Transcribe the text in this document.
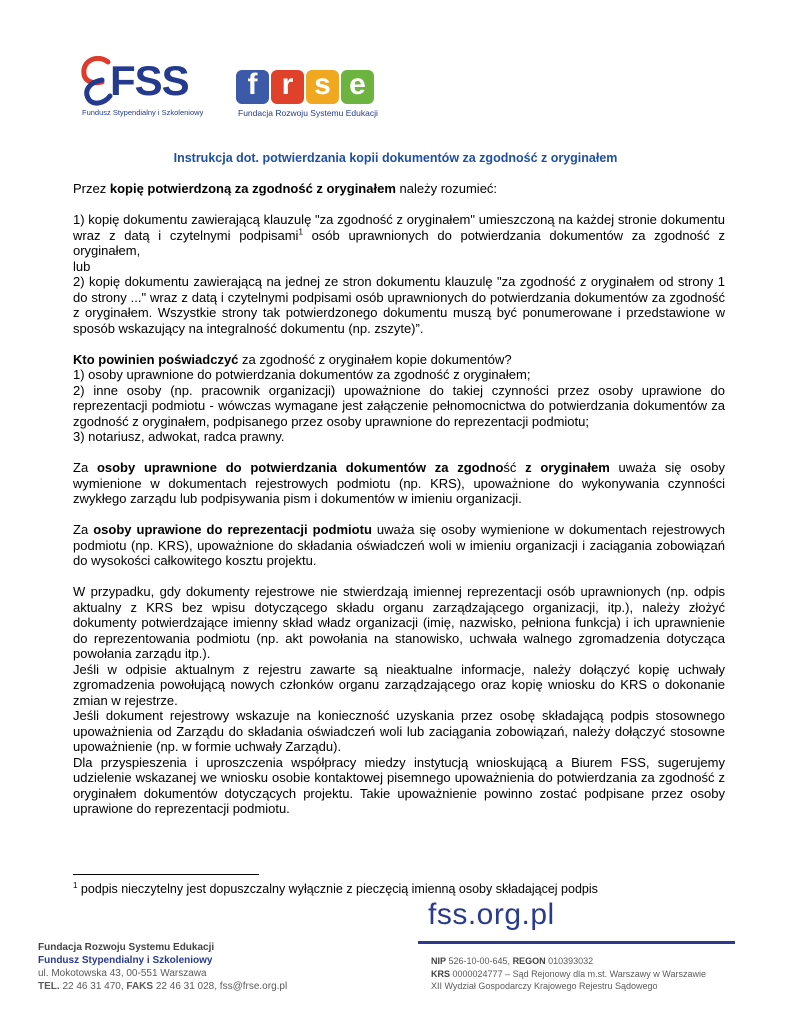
FSS
Fundusz Stypendialny i Szkoleniowy
f r s e
Fundacja Rozwoju Systemu Edukacji
Instrukcja dot. potwierdzania kopii dokumentów za zgodność z oryginałem

Przez kopię potwierdzoną za zgodność z oryginałem należy rozumieć:

1) kopię dokumentu zawierającą klauzulę "za zgodność z oryginałem" umieszczoną na każdej stronie dokumentu wraz z datą i czytelnymi podpisami$^1$ osób uprawnionych do potwierdzania dokumentów za zgodność z oryginałem,

lub

2) kopię dokumentu zawierającą na jednej ze stron dokumentu klauzulę "za zgodność z oryginałem od strony 1 do strony ..." wraz z datą i czytelnymi podpisami osób uprawnionych do potwierdzania dokumentów za zgodność z oryginałem. Wszystkie strony tak potwierdzonego dokumentu muszą być ponumerowane i przedstawione w sposób wskazujący na integralność dokumentu (np. zszyte)”.

Kto powinien poświadczyć za zgodność z oryginałem kopie dokumentów?

1) osoby uprawnione do potwierdzania dokumentów za zgodność z oryginałem;

2) inne osoby (np. pracownik organizacji) upoważnione do takiej czynności przez osoby uprawione do reprezentacji podmiotu - wówczas wymagane jest załączenie pełnomocnictwa do potwierdzania dokumentów za zgodność z oryginałem, podpisanego przez osoby uprawnione do reprezentacji podmiotu;

3) notariusz, adwokat, radca prawny.

Za osoby uprawnione do potwierdzania dokumentów za zgodność z oryginałem uważa się osoby wymienione w dokumentach rejestrowych podmiotu (np. KRS), upoważnione do wykonywania czynności zwykłego zarządu lub podpisywania pism i dokumentów w imieniu organizacji.

Za osoby uprawione do reprezentacji podmiotu uważa się osoby wymienione w dokumentach rejestrowych podmiotu (np. KRS), upoważnione do składania oświadczeń woli w imieniu organizacji i zaciągania zobowiązań do wysokości całkowitego kosztu projektu.

W przypadku, gdy dokumenty rejestrowe nie stwierdzają imiennej reprezentacji osób uprawnionych (np. odpis aktualny z KRS bez wpisu dotyczącego składu organu zarządzającego organizacji, itp.), należy złożyć dokumenty potwierdzające imienny skład władz organizacji (imię, nazwisko, pełniona funkcja) i ich uprawnienie do reprezentowania podmiotu (np. akt powołania na stanowisko, uchwała walnego zgromadzenia dotycząca powołania zarządu itp.).

Jeśli w odpisie aktualnym z rejestru zawarte są nieaktualne informacje, należy dołączyć kopię uchwały zgromadzenia powołującą nowych członków organu zarządzającego oraz kopię wniosku do KRS o dokonanie zmian w rejestrze.

Jeśli dokument rejestrowy wskazuje na konieczność uzyskania przez osobę składającą podpis stosownego upoważnienia od Zarządu do składania oświadczeń woli lub zaciągania zobowiązań, należy dołączyć stosowne upoważnienie (np. w formie uchwały Zarządu).

Dla przyspieszenia i uproszczenia współpracy miedzy instytucją wnioskującą a Biurem FSS, sugerujemy udzielenie wskazanej we wniosku osobie kontaktowej pisemnego upoważnienia do potwierdzania za zgodność z oryginałem dokumentów dotyczących projektu. Takie upoważnienie powinno zostać podpisane przez osoby uprawione do reprezentacji podmiotu.

$^1$ podpis nieczytelny jest dopuszczalny wyłącznie z pieczęcią imienną osoby składającej podpis
fss.org.pl
Fundacja Rozwoju Systemu Edukacji
Fundusz Stypendialny i Szkoleniowy
ul. Mokotowska 43, 00-551 Warszawa
TEL. 22 46 31 470, FAKS 22 46 31 028, fss@frse.org.pl
NIP 526-10-00-645, REGON 010393032
KRS 0000024777 – Sąd Rejonowy dla m.st. Warszawy w Warszawie
XII Wydział Gospodarczy Krajowego Rejestru Sądowego
